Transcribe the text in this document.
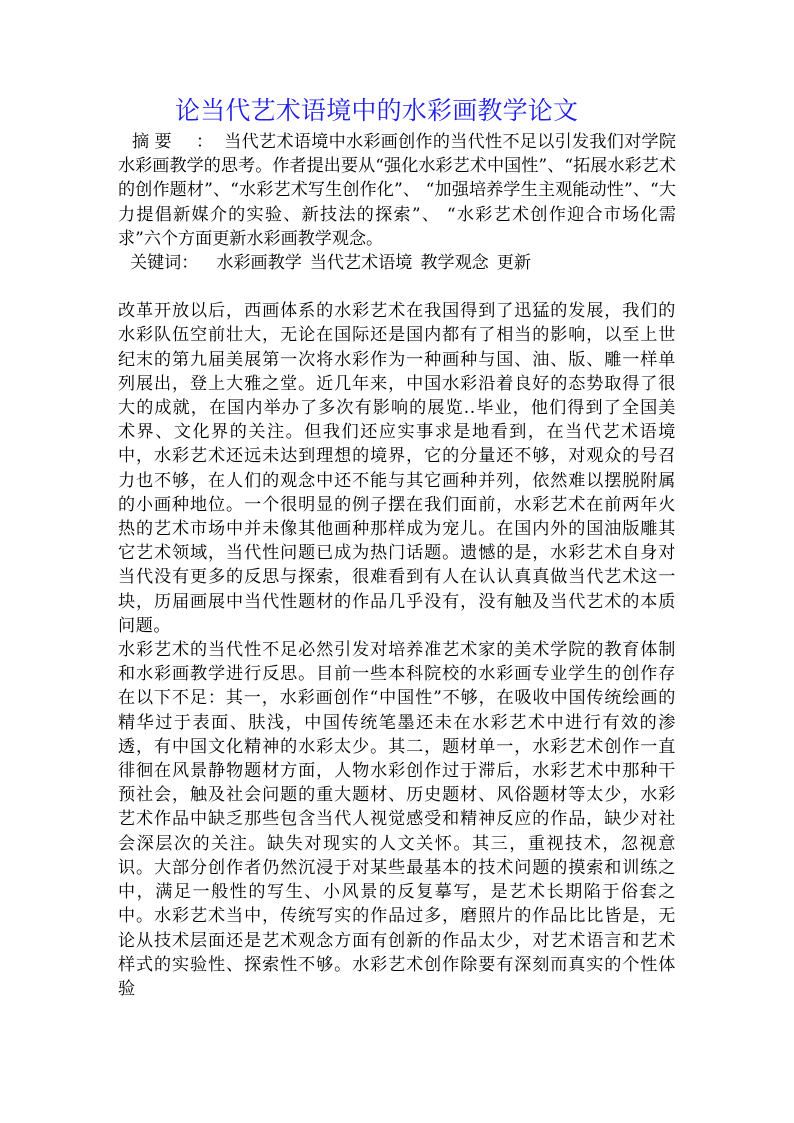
论当代艺术语境中的水彩画教学论文

摘 要 ： 当代艺术语境中水彩画创作的当代性不足以引发我们对学院水彩画教学的思考。作者提出要从“强化水彩艺术中国性”、“拓展水彩艺术的创作题材”、“水彩艺术写生创作化”、 “加强培养学生主观能动性”、“大力提倡新媒介的实验、新技法的探索”、 “水彩艺术创作迎合市场化需求”六个方面更新水彩画教学观念。

关键词： 水彩画教学 当代艺术语境 教学观念 更新

改革开放以后，西画体系的水彩艺术在我国得到了迅猛的发展，我们的水彩队伍空前壮大，无论在国际还是国内都有了相当的影响，以至上世纪末的第九届美展第一次将水彩作为一种画种与国、油、版、雕一样单列展出，登上大雅之堂。近几年来，中国水彩沿着良好的态势取得了很大的成就，在国内举办了多次有影响的展览..毕业，他们得到了全国美术界、文化界的关注。但我们还应实事求是地看到，在当代艺术语境中，水彩艺术还远未达到理想的境界，它的分量还不够，对观众的号召力也不够，在人们的观念中还不能与其它画种并列，依然难以摆脱附属的小画种地位。一个很明显的例子摆在我们面前，水彩艺术在前两年火热的艺术市场中并未像其他画种那样成为宠儿。在国内外的国油版雕其它艺术领域，当代性问题已成为热门话题。遗憾的是，水彩艺术自身对当代没有更多的反思与探索，很难看到有人在认认真真做当代艺术这一块，历届画展中当代性题材的作品几乎没有，没有触及当代艺术的本质问题。

水彩艺术的当代性不足必然引发对培养准艺术家的美术学院的教育体制和水彩画教学进行反思。目前一些本科院校的水彩画专业学生的创作存在以下不足：其一，水彩画创作“中国性”不够，在吸收中国传统绘画的精华过于表面、肤浅，中国传统笔墨还未在水彩艺术中进行有效的渗透，有中国文化精神的水彩太少。其二，题材单一，水彩艺术创作一直徘徊在风景静物题材方面，人物水彩创作过于滞后，水彩艺术中那种干预社会，触及社会问题的重大题材、历史题材、风俗题材等太少，水彩艺术作品中缺乏那些包含当代人视觉感受和精神反应的作品，缺少对社会深层次的关注。缺失对现实的人文关怀。其三，重视技术，忽视意识。大部分创作者仍然沉浸于对某些最基本的技术问题的摸索和训练之中，满足一般性的写生、小风景的反复摹写，是艺术长期陷于俗套之中。水彩艺术当中，传统写实的作品过多，磨照片的作品比比皆是，无论从技术层面还是艺术观念方面有创新的作品太少，对艺术语言和艺术样式的实验性、探索性不够。水彩艺术创作除要有深刻而真实的个性体验
